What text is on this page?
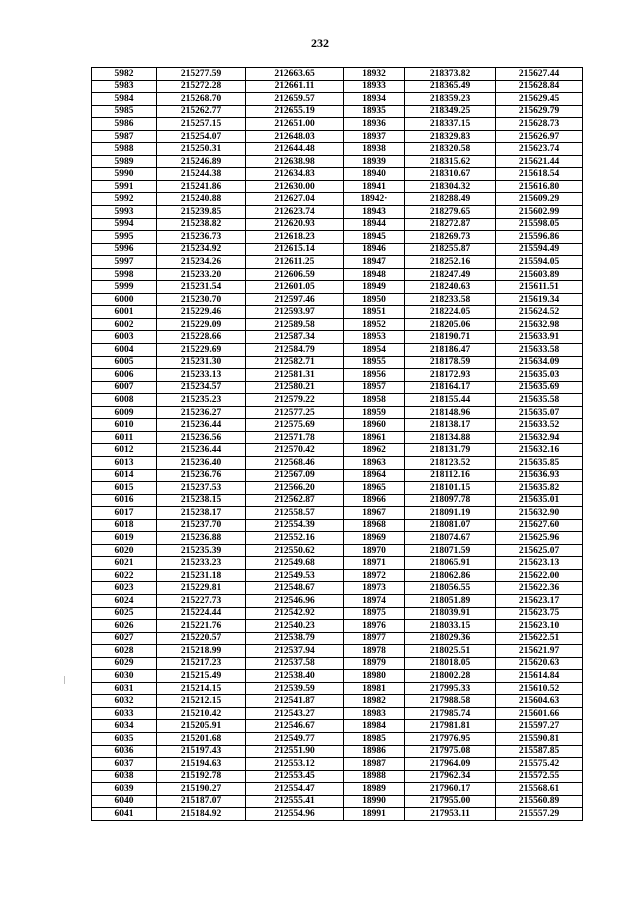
232
5982	215277.59	212663.65	18932	218373.82	215627.44
5983	215272.28	212661.11	18933	218365.49	215628.84
5984	215268.70	212659.57	18934	218359.23	215629.45
5985	215262.77	212655.19	18935	218349.25	215629.79
5986	215257.15	212651.00	18936	218337.15	215628.73
5987	215254.07	212648.03	18937	218329.83	215626.97
5988	215250.31	212644.48	18938	218320.58	215623.74
5989	215246.89	212638.98	18939	218315.62	215621.44
5990	215244.38	212634.83	18940	218310.67	215618.54
5991	215241.86	212630.00	18941	218304.32	215616.80
5992	215240.88	212627.04	18942·	218288.49	215609.29
5993	215239.85	212623.74	18943	218279.65	215602.99
5994	215238.82	212620.93	18944	218272.87	215598.05
5995	215236.73	212618.23	18945	218269.73	215596.86
5996	215234.92	212615.14	18946	218255.87	215594.49
5997	215234.26	212611.25	18947	218252.16	215594.05
5998	215233.20	212606.59	18948	218247.49	215603.89
5999	215231.54	212601.05	18949	218240.63	215611.51
6000	215230.70	212597.46	18950	218233.58	215619.34
6001	215229.46	212593.97	18951	218224.05	215624.52
6002	215229.09	212589.58	18952	218205.06	215632.98
6003	215228.66	212587.34	18953	218190.71	215633.91
6004	215229.69	212584.79	18954	218186.47	215633.58
6005	215231.30	212582.71	18955	218178.59	215634.09
6006	215233.13	212581.31	18956	218172.93	215635.03
6007	215234.57	212580.21	18957	218164.17	215635.69
6008	215235.23	212579.22	18958	218155.44	215635.58
6009	215236.27	212577.25	18959	218148.96	215635.07
6010	215236.44	212575.69	18960	218138.17	215633.52
6011	215236.56	212571.78	18961	218134.88	215632.94
6012	215236.44	212570.42	18962	218131.79	215632.16
6013	215236.40	212568.46	18963	218123.52	215635.85
6014	215236.76	212567.09	18964	218112.16	215636.93
6015	215237.53	212566.20	18965	218101.15	215635.82
6016	215238.15	212562.87	18966	218097.78	215635.01
6017	215238.17	212558.57	18967	218091.19	215632.90
6018	215237.70	212554.39	18968	218081.07	215627.60
6019	215236.88	212552.16	18969	218074.67	215625.96
6020	215235.39	212550.62	18970	218071.59	215625.07
6021	215233.23	212549.68	18971	218065.91	215623.13
6022	215231.18	212549.53	18972	218062.86	215622.00
6023	215229.81	212548.67	18973	218056.55	215622.36
6024	215227.73	212546.96	18974	218051.89	215623.17
6025	215224.44	212542.92	18975	218039.91	215623.75
6026	215221.76	212540.23	18976	218033.15	215623.10
6027	215220.57	212538.79	18977	218029.36	215622.51
6028	215218.99	212537.94	18978	218025.51	215621.97
6029	215217.23	212537.58	18979	218018.05	215620.63
6030	215215.49	212538.40	18980	218002.28	215614.84
6031	215214.15	212539.59	18981	217995.33	215610.52
6032	215212.15	212541.87	18982	217988.58	215604.63
6033	215210.42	212543.27	18983	217985.74	215601.66
6034	215205.91	212546.67	18984	217981.81	215597.27
6035	215201.68	212549.77	18985	217976.95	215590.81
6036	215197.43	212551.90	18986	217975.08	215587.85
6037	215194.63	212553.12	18987	217964.09	215575.42
6038	215192.78	212553.45	18988	217962.34	215572.55
6039	215190.27	212554.47	18989	217960.17	215568.61
6040	215187.07	212555.41	18990	217955.00	215560.89
6041	215184.92	212554.96	18991	217953.11	215557.29
